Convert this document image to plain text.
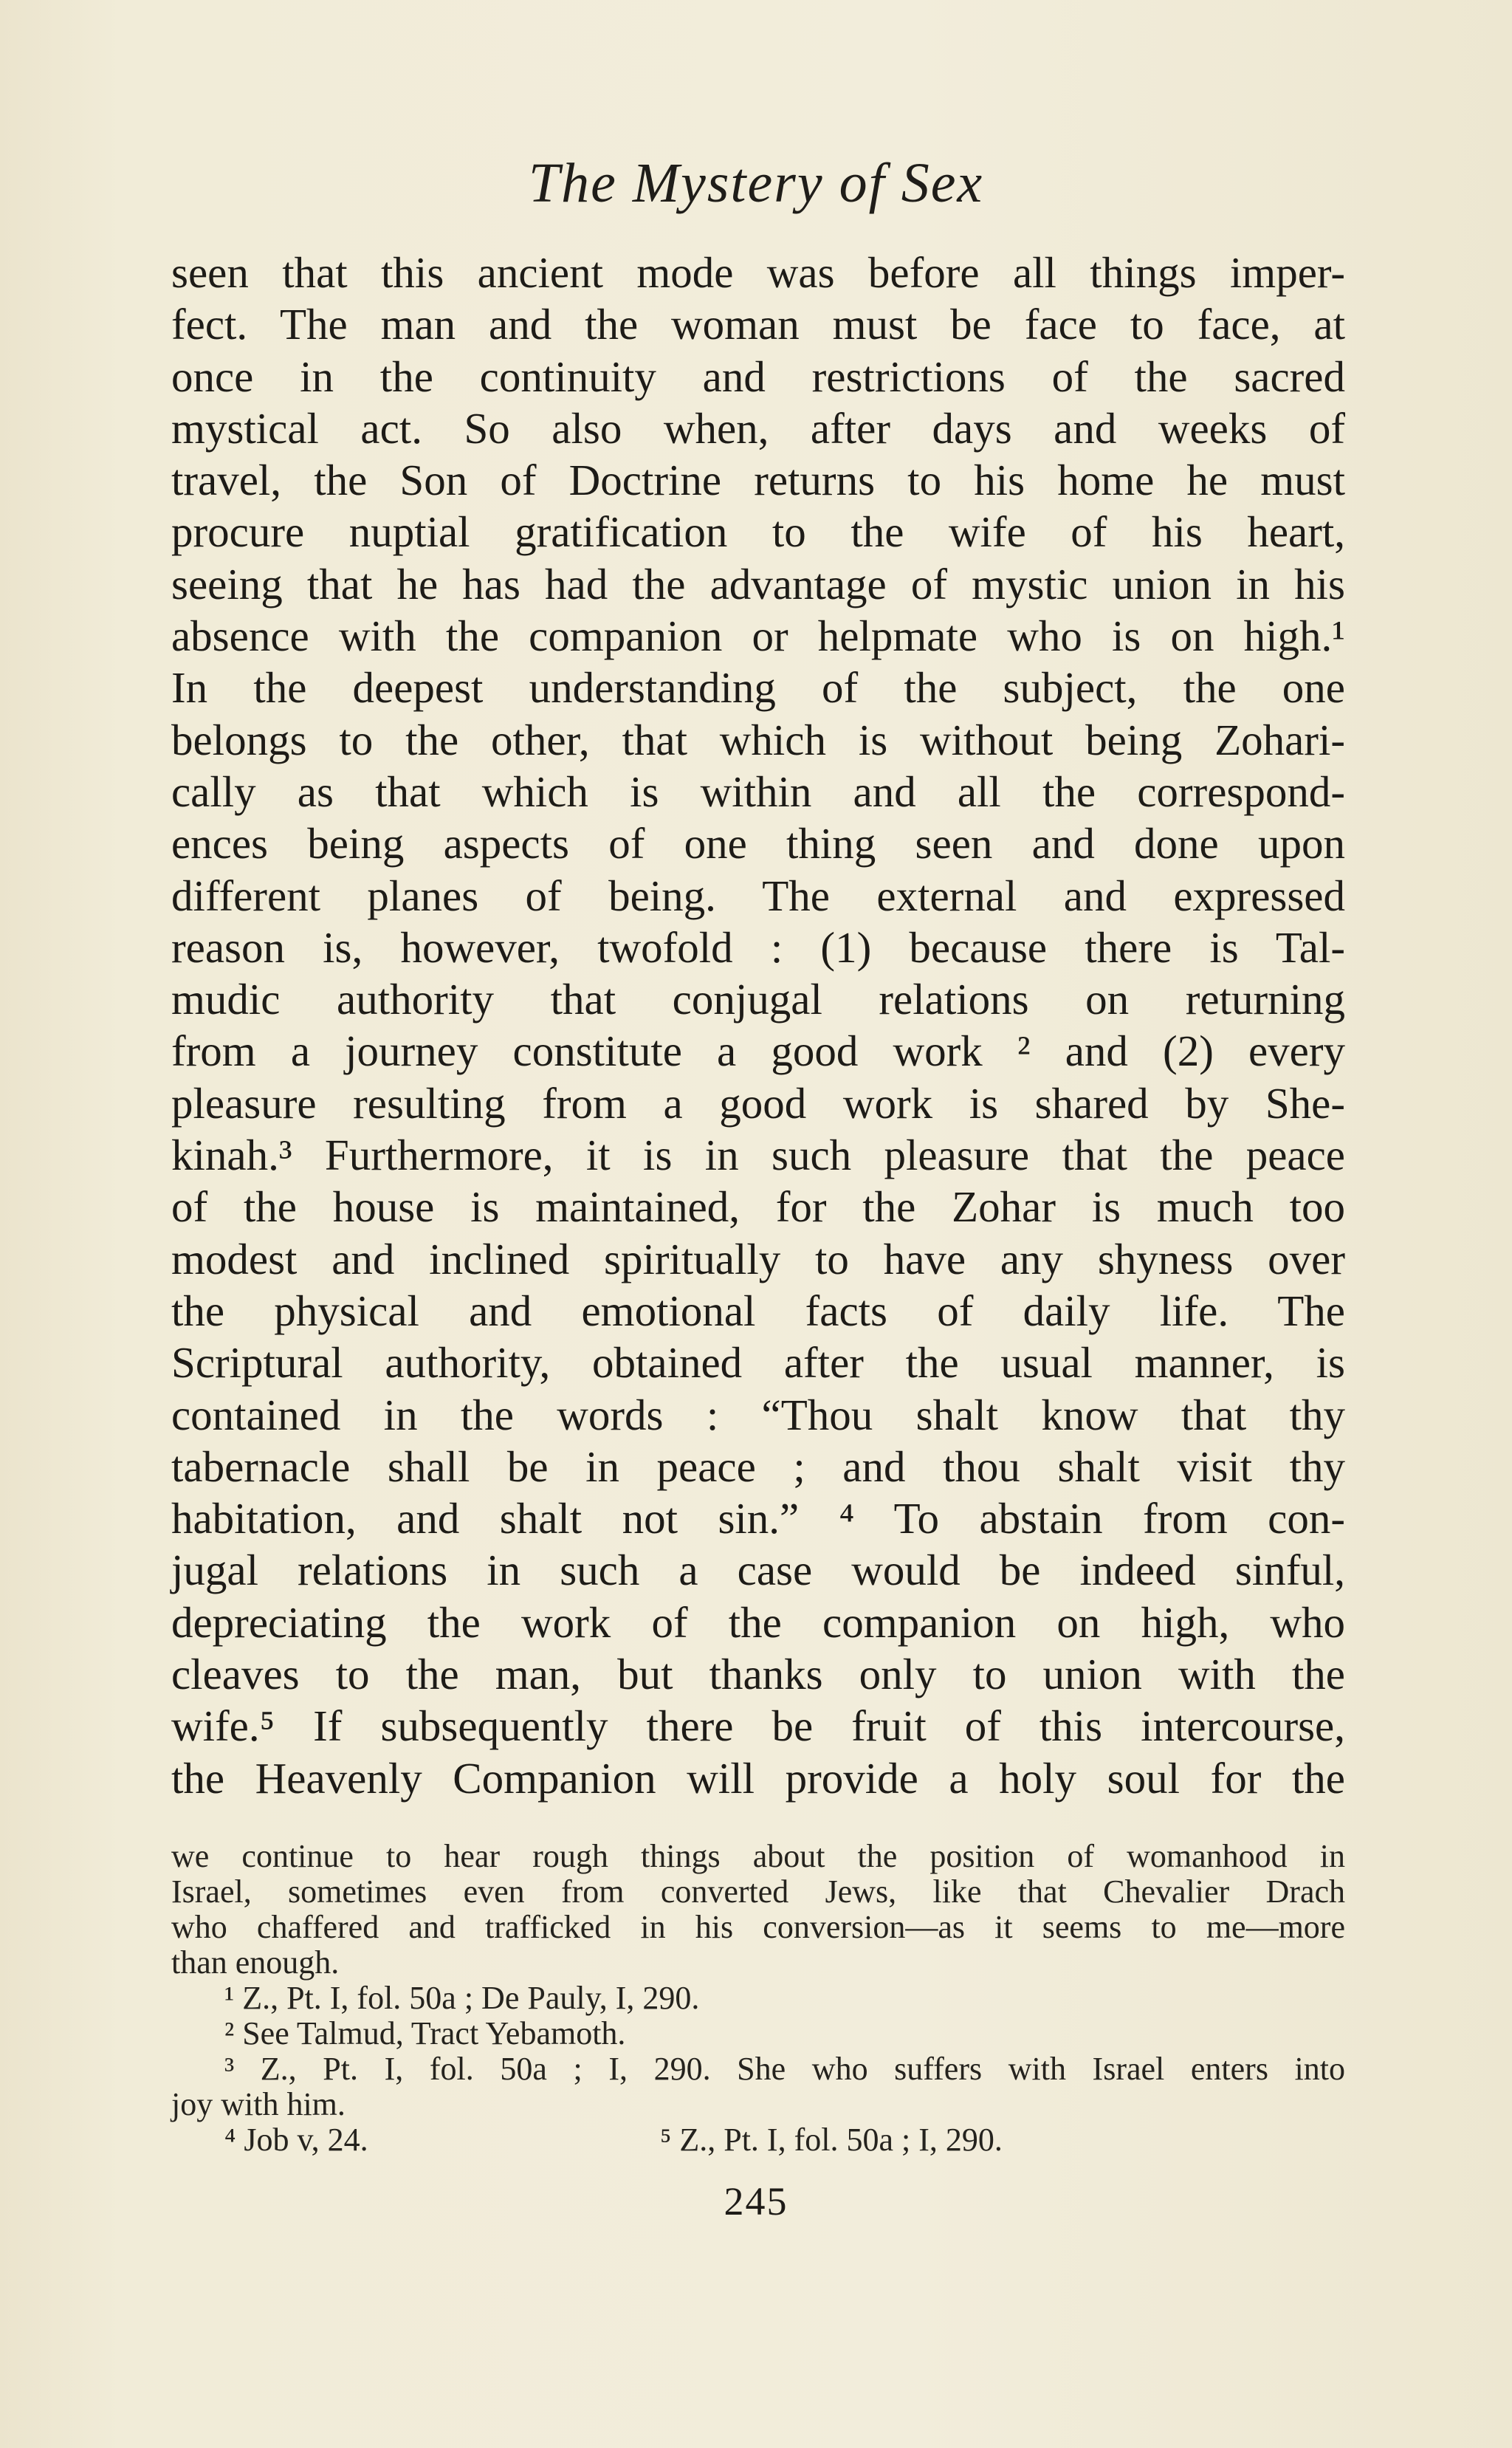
The Mystery of Sex
seen that this ancient mode was before all things imper-
fect. The man and the woman must be face to face, at
once in the continuity and restrictions of the sacred
mystical act. So also when, after days and weeks of
travel, the Son of Doctrine returns to his home he must
procure nuptial gratification to the wife of his heart,
seeing that he has had the advantage of mystic union in his
absence with the companion or helpmate who is on high.¹
In the deepest understanding of the subject, the one
belongs to the other, that which is without being Zohari-
cally as that which is within and all the correspond-
ences being aspects of one thing seen and done upon
different planes of being. The external and expressed
reason is, however, twofold : (1) because there is Tal-
mudic authority that conjugal relations on returning
from a journey constitute a good work ² and (2) every
pleasure resulting from a good work is shared by She-
kinah.³ Furthermore, it is in such pleasure that the peace
of the house is maintained, for the Zohar is much too
modest and inclined spiritually to have any shyness over
the physical and emotional facts of daily life. The
Scriptural authority, obtained after the usual manner, is
contained in the words : “Thou shalt know that thy
tabernacle shall be in peace ; and thou shalt visit thy
habitation, and shalt not sin.” ⁴ To abstain from con-
jugal relations in such a case would be indeed sinful,
depreciating the work of the companion on high, who
cleaves to the man, but thanks only to union with the
wife.⁵ If subsequently there be fruit of this intercourse,
the Heavenly Companion will provide a holy soul for the
we continue to hear rough things about the position of womanhood in
Israel, sometimes even from converted Jews, like that Chevalier Drach
who chaffered and trafficked in his conversion—as it seems to me—more
than enough.
¹ Z., Pt. I, fol. 50a ; De Pauly, I, 290.
² See Talmud, Tract Yebamoth.
³ Z., Pt. I, fol. 50a ; I, 290. She who suffers with Israel enters into
joy with him.
⁴ Job v, 24.	⁵ Z., Pt. I, fol. 50a ; I, 290.
245
